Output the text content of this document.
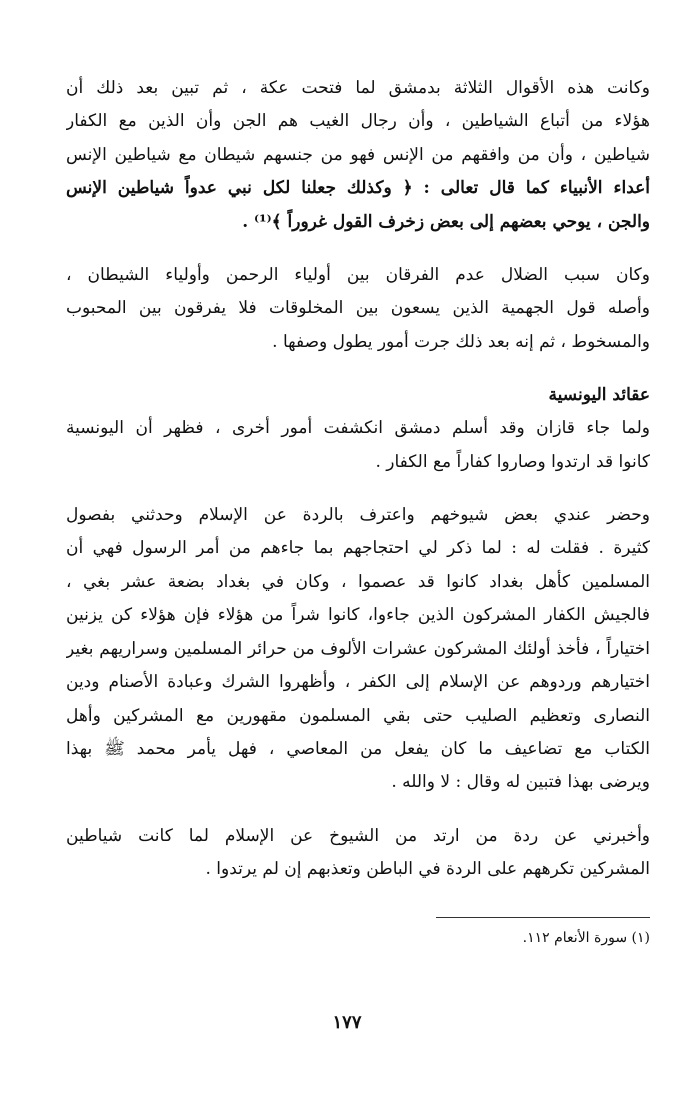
وكانت هذه الأقوال الثلاثة بدمشق لما فتحت عكة ، ثم تبين بعد ذلك أن
هؤلاء من أتباع الشياطين ، وأن رجال الغيب هم الجن وأن الذين مع الكفار
شياطين ، وأن من وافقهم من الإنس فهو من جنسهم شيطان مع شياطين الإنس
أعداء الأنبياء كما قال تعالى : ﴿ وكذلك جعلنا لكل نبي عدواً شياطين الإنس
والجن ، يوحي بعضهم إلى بعض زخرف القول غروراً ﴾⁽¹⁾ .

وكان سبب الضلال عدم الفرقان بين أولياء الرحمن وأولياء الشيطان ،
وأصله قول الجهمية الذين يسعون بين المخلوقات فلا يفرقون بين المحبوب
والمسخوط ، ثم إنه بعد ذلك جرت أمور يطول وصفها .

عقائد اليونسية

ولما جاء قازان وقد أسلم دمشق انكشفت أمور أخرى ، فظهر أن اليونسية
كانوا قد ارتدوا وصاروا كفاراً مع الكفار .

وحضر عندي بعض شيوخهم واعترف بالردة عن الإسلام وحدثني بفصول
كثيرة . فقلت له : لما ذكر لي احتجاجهم بما جاءهم من أمر الرسول فهي أن
المسلمين كأهل بغداد كانوا قد عصموا ، وكان في بغداد بضعة عشر بغي ،
فالجيش الكفار المشركون الذين جاءوا، كانوا شراً من هؤلاء فإن هؤلاء كن يزنين
اختياراً ، فأخذ أولئك المشركون عشرات الألوف من حرائر المسلمين وسراريهم بغير
اختيارهم وردوهم عن الإسلام إلى الكفر ، وأظهروا الشرك وعبادة الأصنام ودين
النصارى وتعظيم الصليب حتى بقي المسلمون مقهورين مع المشركين وأهل
الكتاب مع تضاعيف ما كان يفعل من المعاصي ، فهل يأمر محمد ﷺ بهذا
ويرضى بهذا فتبين له وقال : لا والله .

وأخبرني عن ردة من ارتد من الشيوخ عن الإسلام لما كانت شياطين
المشركين تكرههم على الردة في الباطن وتعذبهم إن لم يرتدوا .

(١) سورة الأنعام ١١٢.
١٧٧
